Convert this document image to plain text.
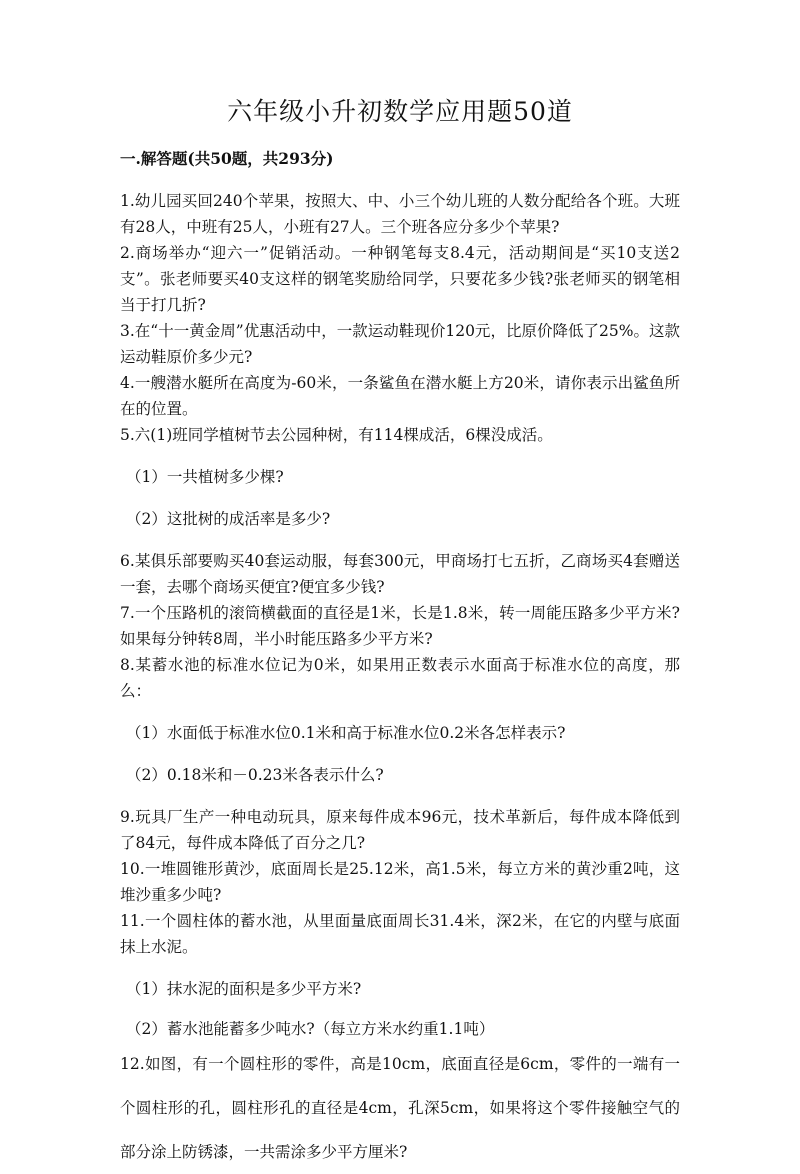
六年级小升初数学应用题50道
一.解答题(共50题，共293分)

1.幼儿园买回240个苹果，按照大、中、小三个幼儿班的人数分配给各个班。大班有28人，中班有25人，小班有27人。三个班各应分多少个苹果?

2.商场举办“迎六一”促销活动。一种钢笔每支8.4元，活动期间是“买10支送2支”。张老师要买40支这样的钢笔奖励给同学，只要花多少钱?张老师买的钢笔相当于打几折?

3.在“十一黄金周”优惠活动中，一款运动鞋现价120元，比原价降低了25%。这款运动鞋原价多少元?

4.一艘潜水艇所在高度为-60米，一条鲨鱼在潜水艇上方20米，请你表示出鲨鱼所在的位置。

5.六(1)班同学植树节去公园种树，有114棵成活，6棵没成活。

（1）一共植树多少棵?

（2）这批树的成活率是多少?

6.某俱乐部要购买40套运动服，每套300元，甲商场打七五折，乙商场买4套赠送一套，去哪个商场买便宜?便宜多少钱?

7.一个压路机的滚筒横截面的直径是1米，长是1.8米，转一周能压路多少平方米?如果每分钟转8周，半小时能压路多少平方米?

8.某蓄水池的标准水位记为0米，如果用正数表示水面高于标准水位的高度，那么：

（1）水面低于标准水位0.1米和高于标准水位0.2米各怎样表示?

（2）0.18米和－0.23米各表示什么?

9.玩具厂生产一种电动玩具，原来每件成本96元，技术革新后，每件成本降低到了84元，每件成本降低了百分之几?

10.一堆圆锥形黄沙，底面周长是25.12米，高1.5米，每立方米的黄沙重2吨，这堆沙重多少吨?

11.一个圆柱体的蓄水池，从里面量底面周长31.4米，深2米，在它的内壁与底面抹上水泥。

（1）抹水泥的面积是多少平方米?

（2）蓄水池能蓄多少吨水?（每立方米水约重1.1吨）

12.如图，有一个圆柱形的零件，高是10cm，底面直径是6cm，零件的一端有一个圆柱形的孔，圆柱形孔的直径是4cm，孔深5cm，如果将这个零件接触空气的部分涂上防锈漆，一共需涂多少平方厘米?
